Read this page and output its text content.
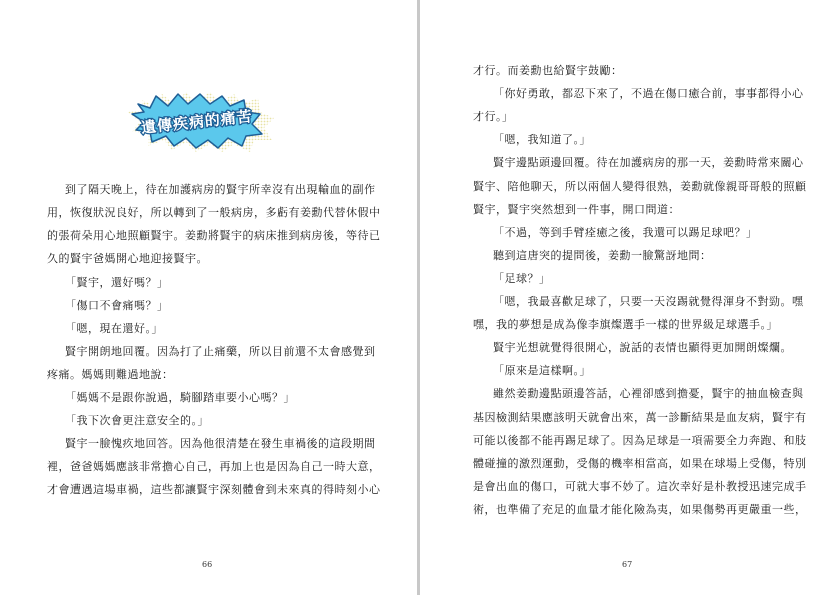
遺傳疾病的痛苦
到了隔天晚上，待在加護病房的賢宇所幸沒有出現輸血的副作
用，恢復狀況良好，所以轉到了一般病房，多虧有姜勳代替休假中
的張荷朵用心地照顧賢宇。姜勳將賢宇的病床推到病房後，等待已
久的賢宇爸媽開心地迎接賢宇。
「賢宇，還好嗎？」
「傷口不會痛嗎？」
「嗯，現在還好。」
賢宇開朗地回覆。因為打了止痛藥，所以目前還不太會感覺到
疼痛。媽媽則難過地說：
「媽媽不是跟你說過，騎腳踏車要小心嗎？」
「我下次會更注意安全的。」
賢宇一臉愧疚地回答。因為他很清楚在發生車禍後的這段期間
裡，爸爸媽媽應該非常擔心自己，再加上也是因為自己一時大意，
才會遭遇這場車禍，這些都讓賢宇深刻體會到未來真的得時刻小心
66
才行。而姜勳也給賢宇鼓勵：
「你好勇敢，都忍下來了，不過在傷口癒合前，事事都得小心
才行。」
「嗯，我知道了。」
賢宇邊點頭邊回覆。待在加護病房的那一天，姜勳時常來關心
賢宇、陪他聊天，所以兩個人變得很熟，姜勳就像親哥哥般的照顧
賢宇，賢宇突然想到一件事，開口問道：
「不過，等到手臂痊癒之後，我還可以踢足球吧？」
聽到這唐突的提問後，姜勳一臉驚訝地問：
「足球？」
「嗯，我最喜歡足球了，只要一天沒踢就覺得渾身不對勁。嘿
嘿，我的夢想是成為像李旗燦選手一樣的世界級足球選手。」
賢宇光想就覺得很開心，說話的表情也顯得更加開朗燦爛。
「原來是這樣啊。」
雖然姜勳邊點頭邊答話，心裡卻感到擔憂，賢宇的抽血檢查與
基因檢測結果應該明天就會出來，萬一診斷結果是血友病，賢宇有
可能以後都不能再踢足球了。因為足球是一項需要全力奔跑、和肢
體碰撞的激烈運動，受傷的機率相當高，如果在球場上受傷，特別
是會出血的傷口，可就大事不妙了。這次幸好是朴教授迅速完成手
術，也準備了充足的血量才能化險為夷，如果傷勢再更嚴重一些，
67
